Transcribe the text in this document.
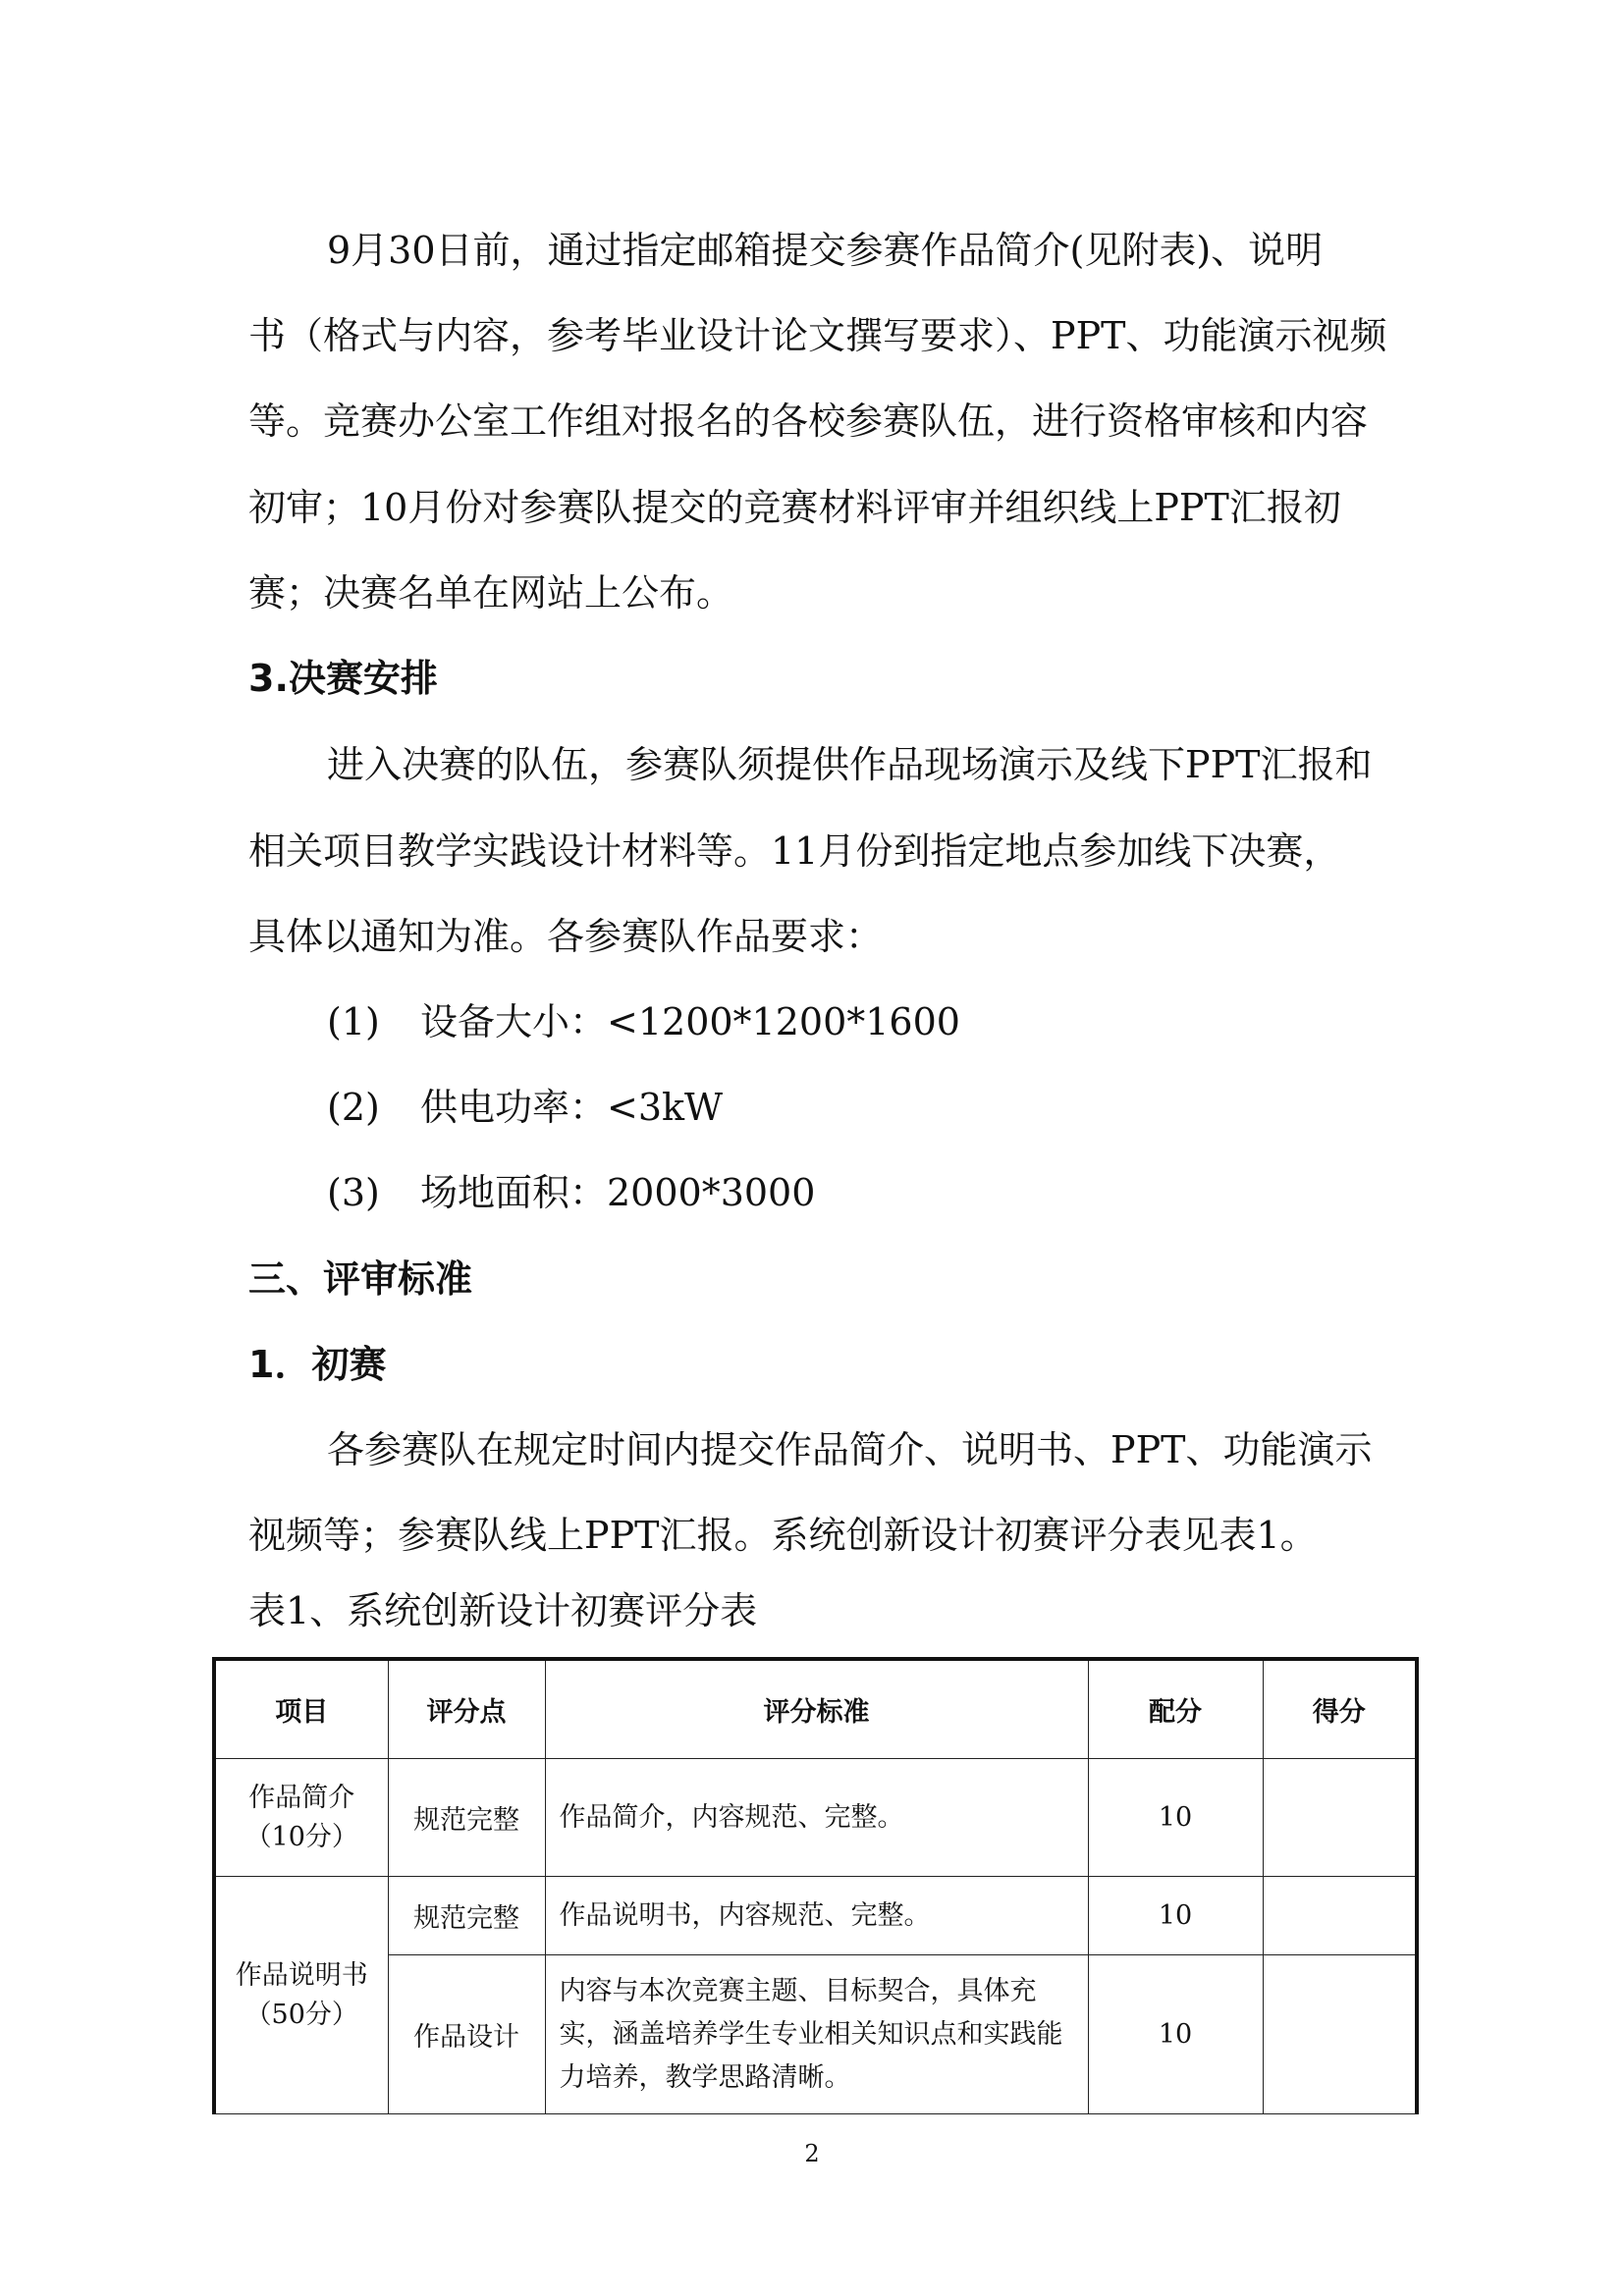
9月30日前，通过指定邮箱提交参赛作品简介(见附表)、说明
书（格式与内容，参考毕业设计论文撰写要求）、PPT、功能演示视频
等。竞赛办公室工作组对报名的各校参赛队伍，进行资格审核和内容
初审；10月份对参赛队提交的竞赛材料评审并组织线上PPT汇报初
赛；决赛名单在网站上公布。
3.决赛安排
进入决赛的队伍，参赛队须提供作品现场演示及线下PPT汇报和
相关项目教学实践设计材料等。11月份到指定地点参加线下决赛，
具体以通知为准。各参赛队作品要求：
(1) 设备大小：<1200*1200*1600
(2) 供电功率：<3kW
(3) 场地面积：2000*3000
三、评审标准
1．初赛
各参赛队在规定时间内提交作品简介、说明书、PPT、功能演示
视频等；参赛队线上PPT汇报。系统创新设计初赛评分表见表1。
表1、系统创新设计初赛评分表
项目	评分点	评分标准	配分	得分
作品简介
（10分）	规范完整	作品简介，内容规范、完整。	10	
作品说明书
（50分）	规范完整	作品说明书，内容规范、完整。	10	
	作品设计	内容与本次竞赛主题、目标契合，具体充实，涵盖培养学生专业相关知识点和实践能力培养，教学思路清晰。	10	
2
